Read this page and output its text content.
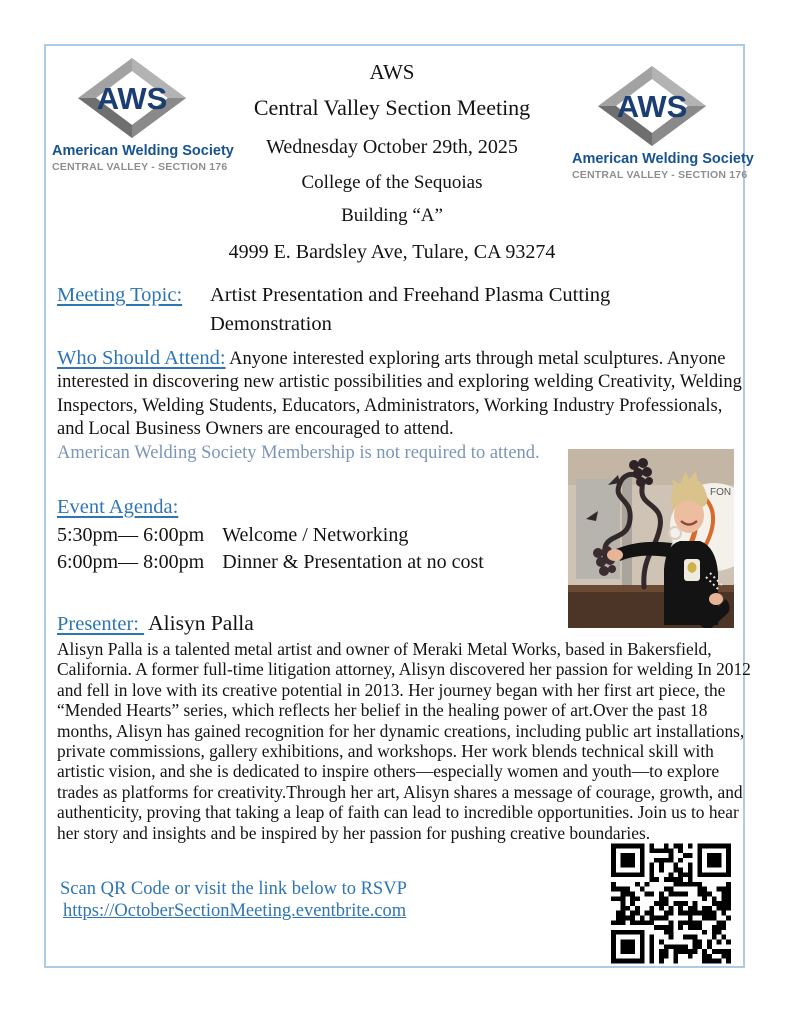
AWS
American Welding Society
CENTRAL VALLEY - SECTION 176
AWS
American Welding Society
CENTRAL VALLEY - SECTION 176
AWS
Central Valley Section Meeting
Wednesday October 29th, 2025
College of the Sequoias
Building “A”
4999 E. Bardsley Ave, Tulare, CA 93274
Meeting Topic:	Artist Presentation and Freehand Plasma Cutting Demonstration
Who Should Attend: Anyone interested exploring arts through metal sculptures. Anyone interested in discovering new artistic possibilities and exploring welding Creativity, Welding Inspectors, Welding Students, Educators, Administrators, Working Industry Professionals, and Local Business Owners are encouraged to attend.
American Welding Society Membership is not required to attend.
FON
Event Agenda:
5:30pm— 6:00pm Welcome / Networking
6:00pm— 8:00pm Dinner & Presentation at no cost
Presenter: Alisyn Palla
Alisyn Palla is a talented metal artist and owner of Meraki Metal Works, based in Bakersfield, California. A former full-time litigation attorney, Alisyn discovered her passion for welding In 2012 and fell in love with its creative potential in 2013. Her journey began with her first art piece, the “Mended Hearts” series, which reflects her belief in the healing power of art.Over the past 18 months, Alisyn has gained recognition for her dynamic creations, including public art installations, private commissions, gallery exhibitions, and workshops. Her work blends technical skill with artistic vision, and she is dedicated to inspire others—especially women and youth—to explore trades as platforms for creativity.Through her art, Alisyn shares a message of courage, growth, and authenticity, proving that taking a leap of faith can lead to incredible opportunities. Join us to hear her story and insights and be inspired by her passion for pushing creative boundaries.
Scan QR Code or visit the link below to RSVP
https://OctoberSectionMeeting.eventbrite.com
